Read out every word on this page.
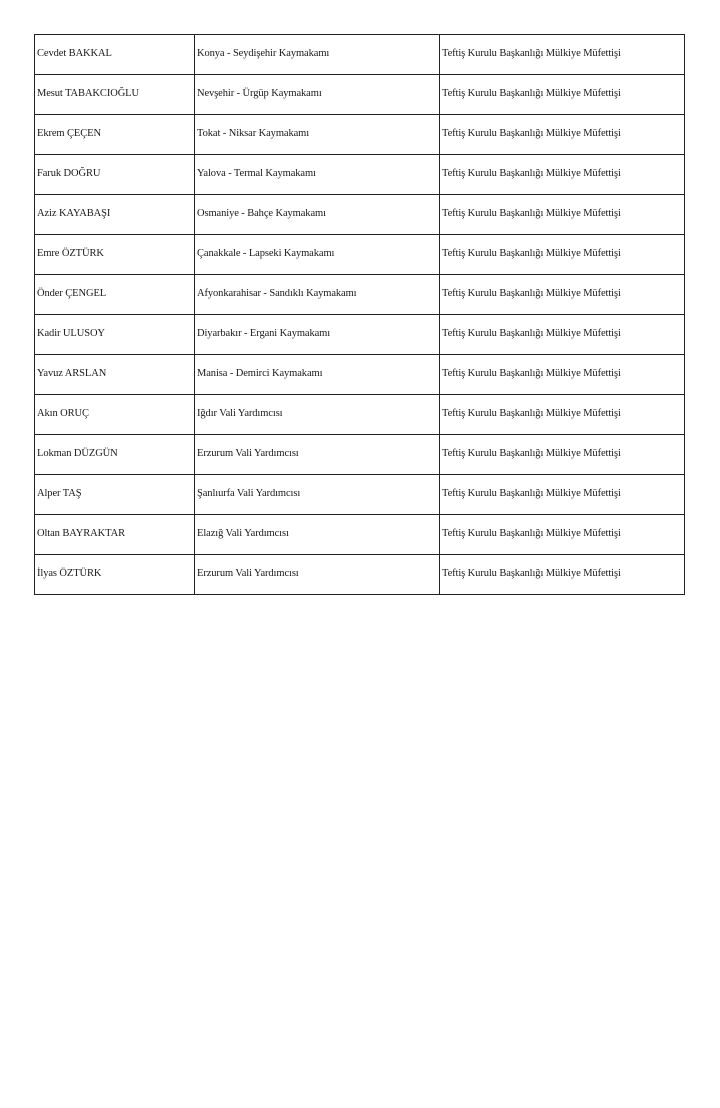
Cevdet BAKKAL	Konya - Seydişehir Kaymakamı	Teftiş Kurulu Başkanlığı Mülkiye Müfettişi
Mesut TABAKCIOĞLU	Nevşehir - Ürgüp Kaymakamı	Teftiş Kurulu Başkanlığı Mülkiye Müfettişi
Ekrem ÇEÇEN	Tokat - Niksar Kaymakamı	Teftiş Kurulu Başkanlığı Mülkiye Müfettişi
Faruk DOĞRU	Yalova - Termal Kaymakamı	Teftiş Kurulu Başkanlığı Mülkiye Müfettişi
Aziz KAYABAŞI	Osmaniye - Bahçe Kaymakamı	Teftiş Kurulu Başkanlığı Mülkiye Müfettişi
Emre ÖZTÜRK	Çanakkale - Lapseki Kaymakamı	Teftiş Kurulu Başkanlığı Mülkiye Müfettişi
Önder ÇENGEL	Afyonkarahisar - Sandıklı Kaymakamı	Teftiş Kurulu Başkanlığı Mülkiye Müfettişi
Kadir ULUSOY	Diyarbakır - Ergani Kaymakamı	Teftiş Kurulu Başkanlığı Mülkiye Müfettişi
Yavuz ARSLAN	Manisa - Demirci Kaymakamı	Teftiş Kurulu Başkanlığı Mülkiye Müfettişi
Akın ORUÇ	Iğdır Vali Yardımcısı	Teftiş Kurulu Başkanlığı Mülkiye Müfettişi
Lokman DÜZGÜN	Erzurum Vali Yardımcısı	Teftiş Kurulu Başkanlığı Mülkiye Müfettişi
Alper TAŞ	Şanlıurfa Vali Yardımcısı	Teftiş Kurulu Başkanlığı Mülkiye Müfettişi
Oltan BAYRAKTAR	Elazığ Vali Yardımcısı	Teftiş Kurulu Başkanlığı Mülkiye Müfettişi
İlyas ÖZTÜRK	Erzurum Vali Yardımcısı	Teftiş Kurulu Başkanlığı Mülkiye Müfettişi
